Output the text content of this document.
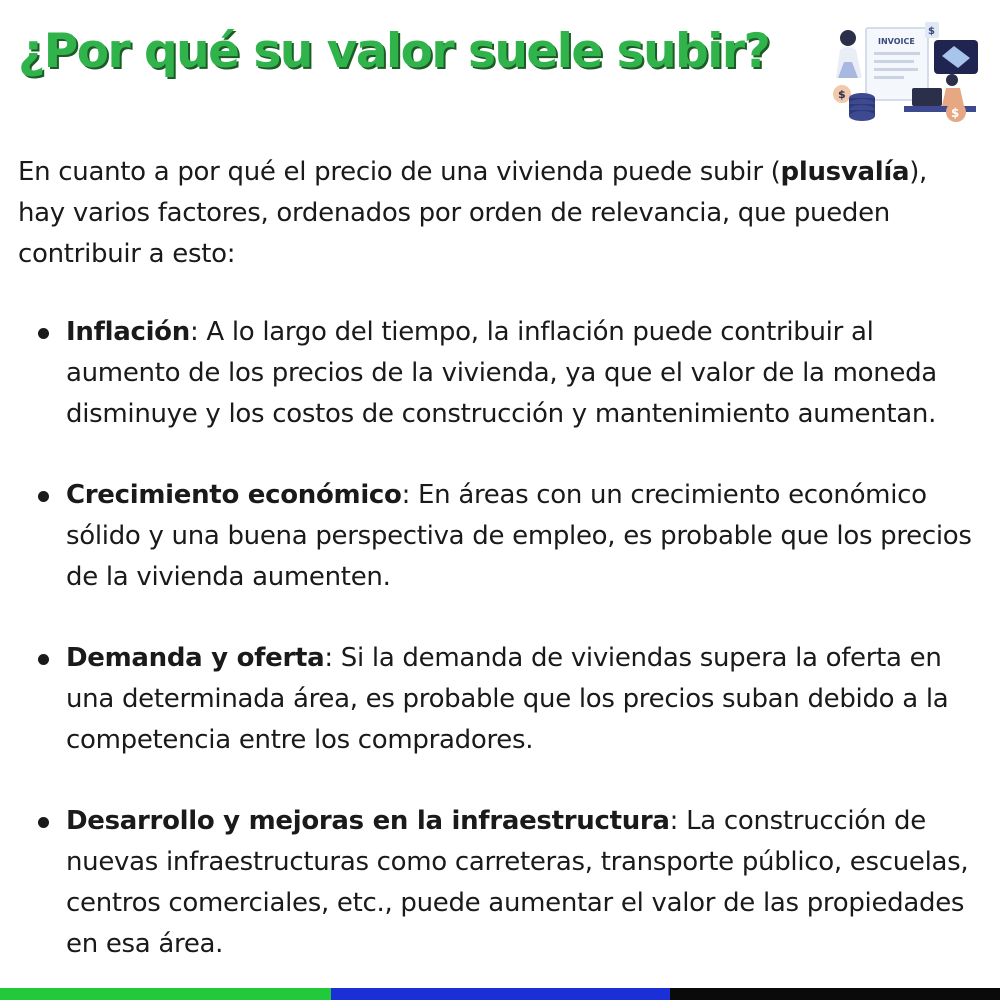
¿Por qué su valor suele subir?	INVOICE
$
$
$

En cuanto a por qué el precio de una vivienda puede subir (plusvalía), hay varios factores, ordenados por orden de relevancia, que pueden contribuir a esto:

Inflación: A lo largo del tiempo, la inflación puede contribuir al aumento de los precios de la vivienda, ya que el valor de la moneda disminuye y los costos de construcción y mantenimiento aumentan.
Crecimiento económico: En áreas con un crecimiento económico sólido y una buena perspectiva de empleo, es probable que los precios de la vivienda aumenten.
Demanda y oferta: Si la demanda de viviendas supera la oferta en una determinada área, es probable que los precios suban debido a la competencia entre los compradores.
Desarrollo y mejoras en la infraestructura: La construcción de nuevas infraestructuras como carreteras, transporte público, escuelas, centros comerciales, etc., puede aumentar el valor de las propiedades en esa área.
